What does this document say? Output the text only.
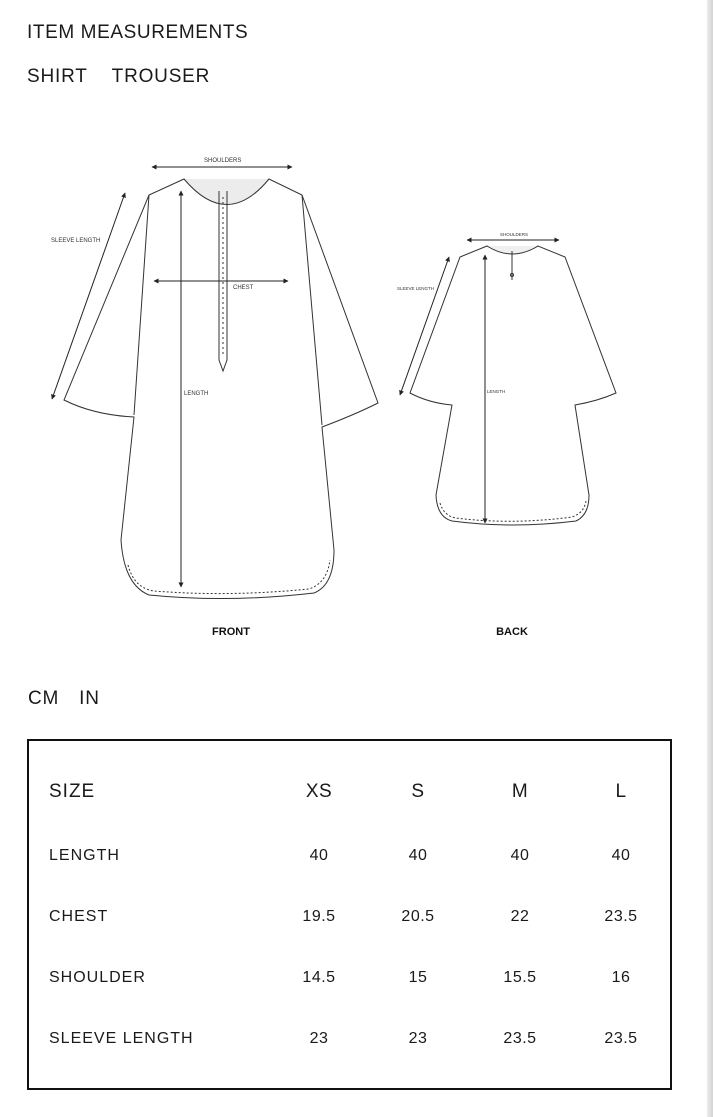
ITEM MEASUREMENTS
SHIRT TROUSER
SHOULDERS
SLEEVE LENGTH
CHEST
LENGTH
FRONT
SHOULDERS
SLEEVE LENGTH
LENGTH
BACK
CM IN
SIZE	XS	S	M	L
LENGTH	40	40	40	40
CHEST	19.5	20.5	22	23.5
SHOULDER	14.5	15	15.5	16
SLEEVE LENGTH	23	23	23.5	23.5
